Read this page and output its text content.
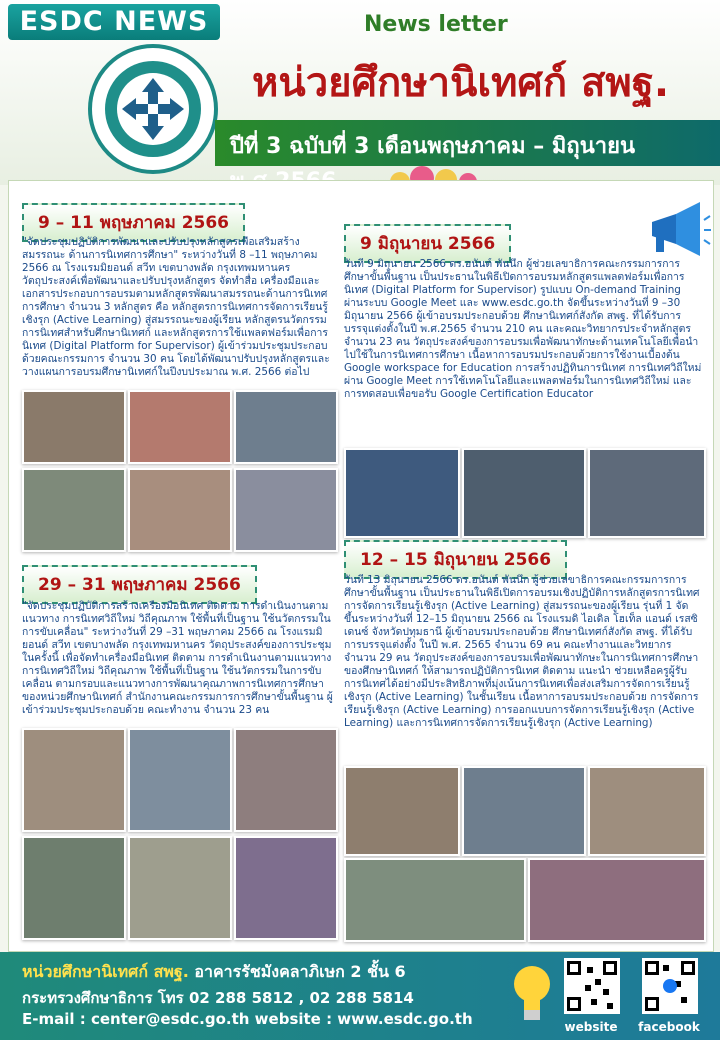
ESDC NEWS	News letter
หน่วยศึกษานิเทศก์ สพฐ.
ปีที่ 3 ฉบับที่ 3 เดือนพฤษภาคม – มิถุนายน
9 – 11 พฤษภาคม 2566

"จัดประชุมปฏิบัติการพัฒนาและปรับปรุงหลักสูตรเพื่อเสริมสร้างสมรรถนะ ด้านการนิเทศการศึกษา" ระหว่างวันที่ 8 –11 พฤษภาคม 2566 ณ โรงแรมมิยอนด์ สวีท เขตบางพลัด กรุงเทพมหานคร วัตถุประสงค์เพื่อพัฒนาและปรับปรุงหลักสูตร จัดทำสื่อ เครื่องมือและเอกสารประกอบการอบรมตามหลักสูตรพัฒนาสมรรถนะด้านการนิเทศการศึกษา จำนวน 3 หลักสูตร คือ หลักสูตรการนิเทศการจัดการเรียนรู้เชิงรุก (Active Learning) สู่สมรรถนะของผู้เรียน หลักสูตรนวัตกรรมการนิเทศสำหรับศึกษานิเทศก์ และหลักสูตรการใช้แพลตฟอร์มเพื่อการนิเทศ (Digital Platform for Supervisor) ผู้เข้าร่วมประชุมประกอบด้วยคณะกรรมการ จำนวน 30 คน โดยได้พัฒนาปรับปรุงหลักสูตรและวางแผนการอบรมศึกษานิเทศก์ในปีงบประมาณ พ.ศ. 2566 ต่อไป

9 มิถุนายน 2566

วันที่ 9 มิถุนายน 2566 ดร.อนันต์ พันนึก ผู้ช่วยเลขาธิการคณะกรรมการการศึกษาขั้นพื้นฐาน เป็นประธานในพิธีเปิดการอบรมหลักสูตรแพลตฟอร์มเพื่อการนิเทศ (Digital Platform for Supervisor) รูปแบบ On-demand Training ผ่านระบบ Google Meet และ www.esdc.go.th จัดขึ้นระหว่างวันที่ 9 –30 มิถุนายน 2566 ผู้เข้าอบรมประกอบด้วย ศึกษานิเทศก์สังกัด สพฐ. ที่ได้รับการบรรจุแต่งตั้งในปี พ.ศ.2565 จำนวน 210 คน และคณะวิทยากรประจำหลักสูตร จำนวน 23 คน วัตถุประสงค์ของการอบรมเพื่อพัฒนาทักษะด้านเทคโนโลยีเพื่อนำไปใช้ในการนิเทศการศึกษา เนื้อหาการอบรมประกอบด้วยการใช้งานเบื้องต้น Google workspace for Education การสร้างปฏิทินการนิเทศ การนิเทศวิถีใหม่ผ่าน Google Meet การใช้เทคโนโลยีและแพลตฟอร์มในการนิเทศวิถีใหม่ และการทดสอบเพื่อขอรับ Google Certification Educator

29 – 31 พฤษภาคม 2566

"จัดประชุมปฏิบัติการสร้างเครื่องมือนิเทศ ติดตาม การดำเนินงานตามแนวทาง การนิเทศวิถีใหม่ วิถีคุณภาพ ใช้พื้นที่เป็นฐาน ใช้นวัตกรรมในการขับเคลื่อน" ระหว่างวันที่ 29 –31 พฤษภาคม 2566 ณ โรงแรมมิยอนด์ สวีท เขตบางพลัด กรุงเทพมหานคร วัตถุประสงค์ของการประชุมในครั้งนี้ เพื่อจัดทำเครื่องมือนิเทศ ติดตาม การดำเนินงานตามแนวทางการนิเทศวิถีใหม่ วิถีคุณภาพ ใช้พื้นที่เป็นฐาน ใช้นวัตกรรมในการขับเคลื่อน ตามกรอบและแนวทางการพัฒนาคุณภาพการนิเทศการศึกษา ของหน่วยศึกษานิเทศก์ สำนักงานคณะกรรมการการศึกษาขั้นพื้นฐาน ผู้เข้าร่วมประชุมประกอบด้วย คณะทำงาน จำนวน 23 คน

12 – 15 มิถุนายน 2566

วันที่ 13 มิถุนายน 2566 ดร.อนันต์ พันนึก ผู้ช่วยเลขาธิการคณะกรรมการการศึกษาขั้นพื้นฐาน เป็นประธานในพิธีเปิดการอบรมเชิงปฏิบัติการหลักสูตรการนิเทศการจัดการเรียนรู้เชิงรุก (Active Learning) สู่สมรรถนะของผู้เรียน รุ่นที่ 1 จัดขึ้นระหว่างวันที่ 12–15 มิถุนายน 2566 ณ โรงแรมดิ ไอเดิล โฮเท็ล แอนด์ เรสซิเดนซ์ จังหวัดปทุมธานี ผู้เข้าอบรมประกอบด้วย ศึกษานิเทศก์สังกัด สพฐ. ที่ได้รับการบรรจุแต่งตั้ง ในปี พ.ศ. 2565 จำนวน 69 คน คณะทำงานและวิทยากร จำนวน 29 คน วัตถุประสงค์ของการอบรมเพื่อพัฒนาทักษะในการนิเทศการศึกษาของศึกษานิเทศก์ ให้สามารถปฏิบัติการนิเทศ ติดตาม แนะนำ ช่วยเหลือครูผู้รับการนิเทศได้อย่างมีประสิทธิภาพที่มุ่งเน้นการนิเทศเพื่อส่งเสริมการจัดการเรียนรู้เชิงรุก (Active Learning) ในชั้นเรียน เนื้อหาการอบรมประกอบด้วย การจัดการเรียนรู้เชิงรุก (Active Learning) การออกแบบการจัดการเรียนรู้เชิงรุก (Active Learning) และการนิเทศการจัดการเรียนรู้เชิงรุก (Active Learning)

หน่วยศึกษานิเทศก์ สพฐ. อาคารรัชมังคลาภิเษก 2 ชั้น 6
กระทรวงศึกษาธิการ โทร 02 288 5812 , 02 288 5814
E-mail : center@esdc.go.th website : www.esdc.go.th	website	facebook
